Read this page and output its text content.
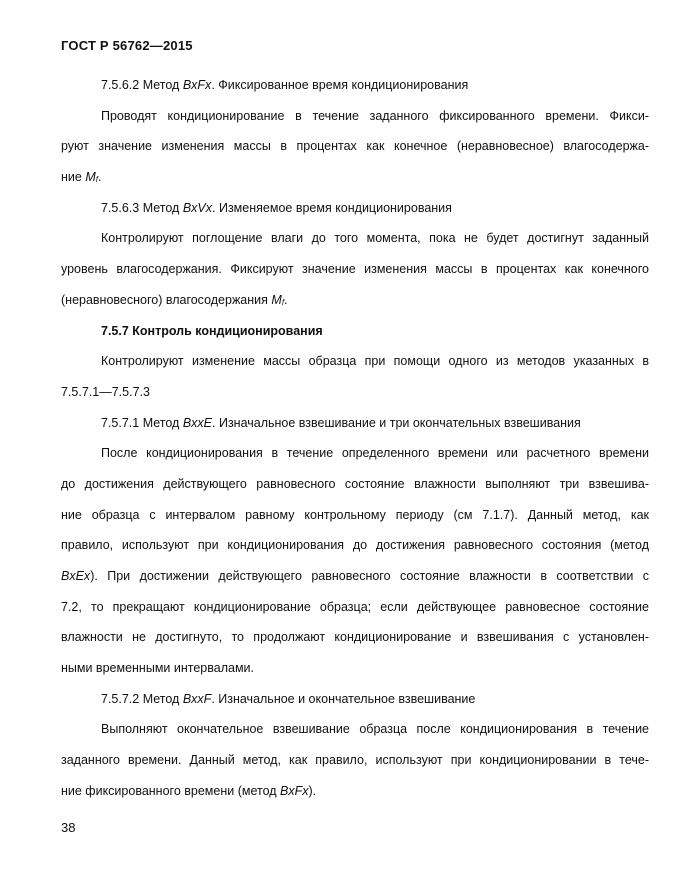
ГОСТ Р 56762—2015
7.5.6.2 Метод BxFx. Фиксированное время кондиционирования
Проводят кондиционирование в течение заданного фиксированного времени. Фикси-
руют значение изменения массы в процентах как конечное (неравновесное) влагосодержа-
ние $M_f$.
7.5.6.3 Метод BxVx. Изменяемое время кондиционирования
Контролируют поглощение влаги до того момента, пока не будет достигнут заданный
уровень влагосодержания. Фиксируют значение изменения массы в процентах как конечного
(неравновесного) влагосодержания $M_f$.
7.5.7 Контроль кондиционирования
Контролируют изменение массы образца при помощи одного из методов указанных в
7.5.7.1—7.5.7.3
7.5.7.1 Метод BxxE. Изначальное взвешивание и три окончательных взвешивания
После кондиционирования в течение определенного времени или расчетного времени
до достижения действующего равновесного состояние влажности выполняют три взвешива-
ние образца с интервалом равному контрольному периоду (см 7.1.7). Данный метод, как
правило, используют при кондиционирования до достижения равновесного состояния (метод
BxEx). При достижении действующего равновесного состояние влажности в соответствии с
7.2, то прекращают кондиционирование образца; если действующее равновесное состояние
влажности не достигнуто, то продолжают кондиционирование и взвешивания с установлен-
ными временными интервалами.
7.5.7.2 Метод BxxF. Изначальное и окончательное взвешивание
Выполняют окончательное взвешивание образца после кондиционирования в течение
заданного времени. Данный метод, как правило, используют при кондиционировании в тече-
ние фиксированного времени (метод BxFx).
38
